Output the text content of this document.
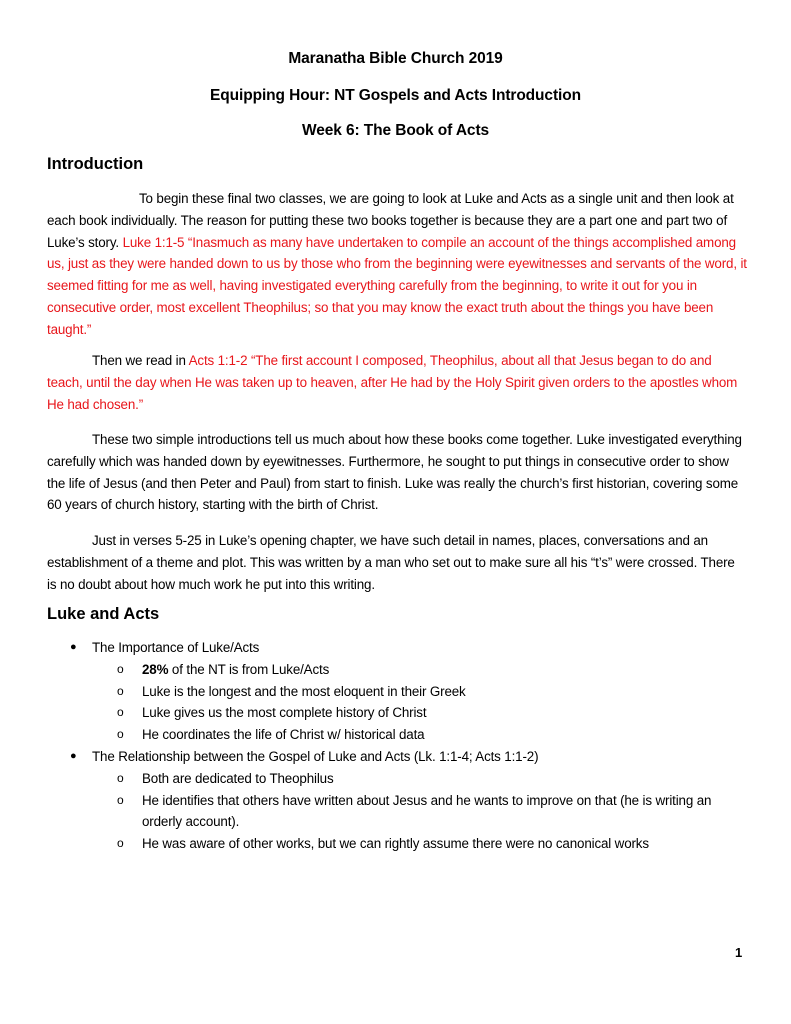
Maranatha Bible Church 2019
Equipping Hour: NT Gospels and Acts Introduction
Week 6: The Book of Acts
Introduction
To begin these final two classes, we are going to look at Luke and Acts as a single unit and then look at each book individually. The reason for putting these two books together is because they are a part one and part two of Luke’s story. Luke 1:1-5 “Inasmuch as many have undertaken to compile an account of the things accomplished among us, just as they were handed down to us by those who from the beginning were eyewitnesses and servants of the word, it seemed fitting for me as well, having investigated everything carefully from the beginning, to write it out for you in consecutive order, most excellent Theophilus; so that you may know the exact truth about the things you have been taught.”
Then we read in Acts 1:1-2 “The first account I composed, Theophilus, about all that Jesus began to do and teach, until the day when He was taken up to heaven, after He had by the Holy Spirit given orders to the apostles whom He had chosen.”
These two simple introductions tell us much about how these books come together. Luke investigated everything carefully which was handed down by eyewitnesses. Furthermore, he sought to put things in consecutive order to show the life of Jesus (and then Peter and Paul) from start to finish. Luke was really the church’s first historian, covering some 60 years of church history, starting with the birth of Christ.
Just in verses 5-25 in Luke’s opening chapter, we have such detail in names, places, conversations and an establishment of a theme and plot. This was written by a man who set out to make sure all his “t’s” were crossed. There is no doubt about how much work he put into this writing.
Luke and Acts
● The Importance of Luke/Acts
o	28% of the NT is from Luke/Acts
o	Luke is the longest and the most eloquent in their Greek
o	Luke gives us the most complete history of Christ
o	He coordinates the life of Christ w/ historical data
● The Relationship between the Gospel of Luke and Acts (Lk. 1:1-4; Acts 1:1-2)
o	Both are dedicated to Theophilus
o	He identifies that others have written about Jesus and he wants to improve on that (he is writing an orderly account).
o	He was aware of other works, but we can rightly assume there were no canonical works
1
